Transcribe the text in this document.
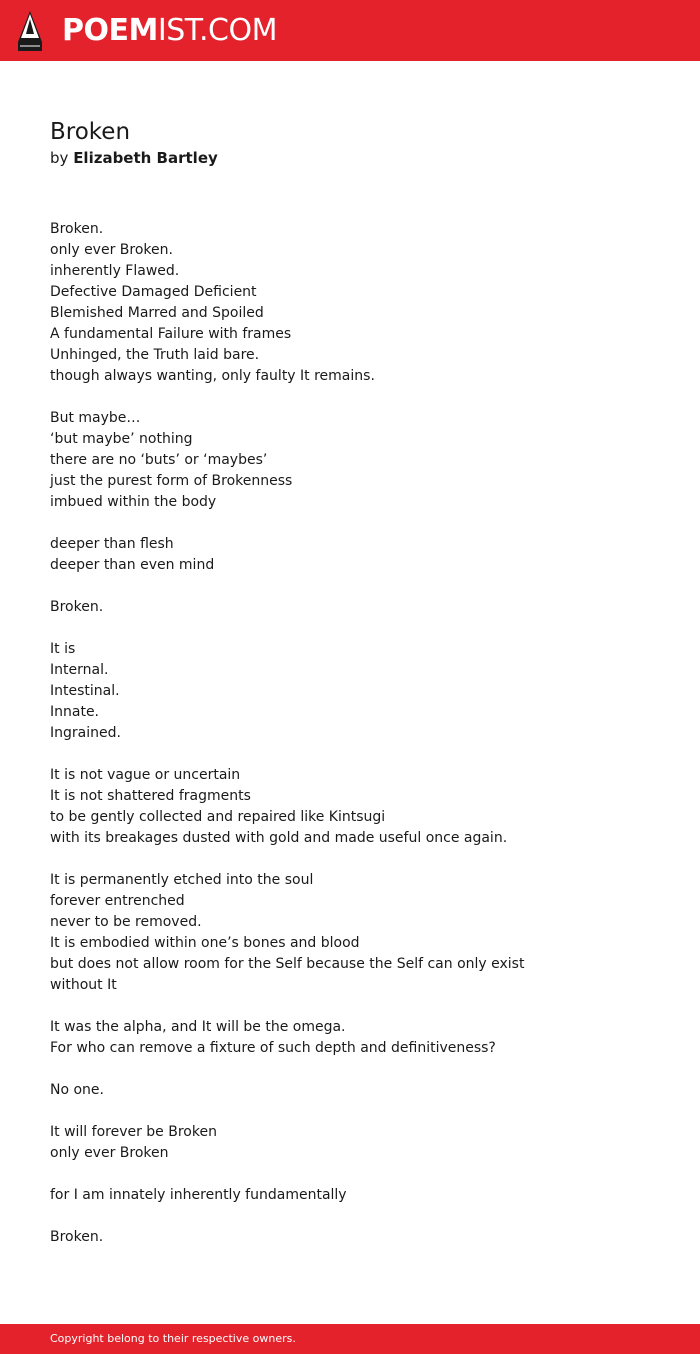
POEMIST.COM
Broken
by Elizabeth Bartley

Broken.
only ever Broken.
inherently Flawed.
Defective Damaged Deficient
Blemished Marred and Spoiled
A fundamental Failure with frames
Unhinged, the Truth laid bare.
though always wanting, only faulty It remains.

But maybe…
‘but maybe’ nothing
there are no ‘buts’ or ‘maybes’
just the purest form of Brokenness
imbued within the body

deeper than flesh
deeper than even mind

Broken.

It is
Internal.
Intestinal.
Innate.
Ingrained.

It is not vague or uncertain
It is not shattered fragments
to be gently collected and repaired like Kintsugi
with its breakages dusted with gold and made useful once again.

It is permanently etched into the soul
forever entrenched
never to be removed.
It is embodied within one’s bones and blood
but does not allow room for the Self because the Self can only exist
without It

It was the alpha, and It will be the omega.
For who can remove a fixture of such depth and definitiveness?

No one.

It will forever be Broken
only ever Broken

for I am innately inherently fundamentally

Broken.

Copyright belong to their respective owners.
